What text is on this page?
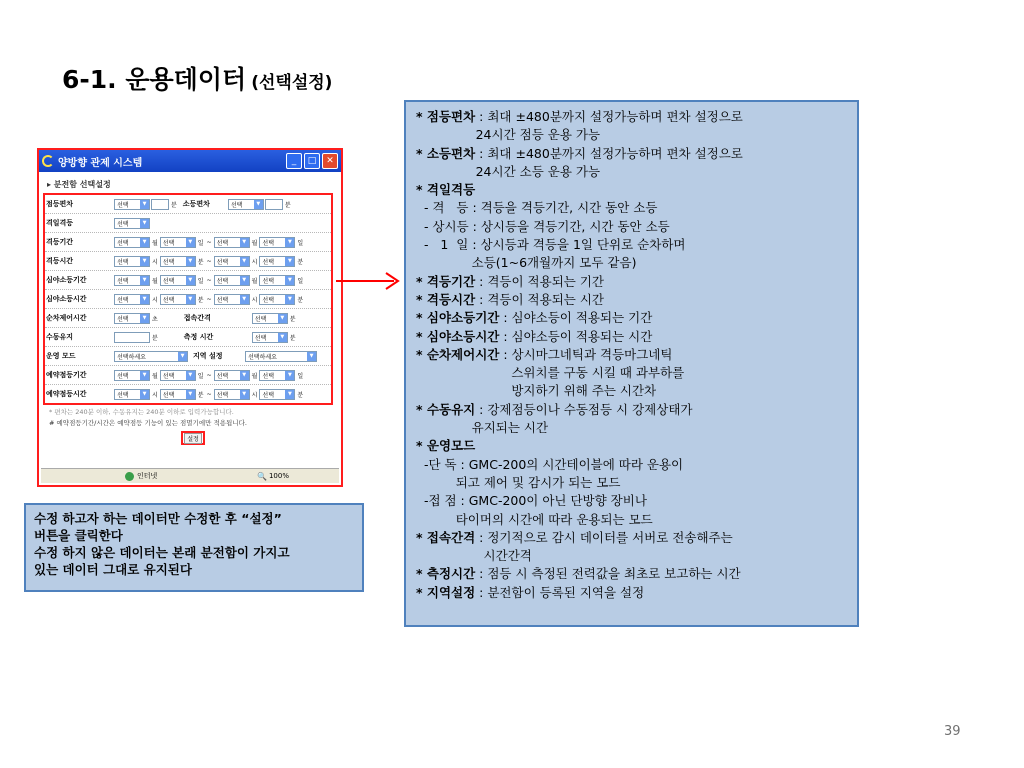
6-1. 운용데이터 (선택설정)
양방향 관제 시스템	_	□	✕
▸ 분전함 선택설정
점등편차	선택	▼	분 소등편차	선택	▼	분
격일격등	선택	▼
격등기간	선택	▼ 월 선택	▼ 일 ~ 선택	▼ 월 선택	▼ 일
격등시간	선택	▼ 시 선택	▼ 분 ~ 선택	▼ 시 선택	▼ 분
심야소등기간	선택	▼ 월 선택	▼ 일 ~ 선택	▼ 월 선택	▼ 일
심야소등시간	선택	▼ 시 선택	▼ 분 ~ 선택	▼ 시 선택	▼ 분
순차제어시간	선택	▼ 초	접속간격	선택	▼ 분
수동유지	분	측정 시간	선택	▼ 분
운영 모드	선택하세요	▼	지역 설정	선택하세요	▼
예약점등기간	선택	▼ 월 선택	▼ 일 ~ 선택	▼ 월 선택	▼ 일
예약점등시간	선택	▼ 시 선택	▼ 분 ~ 선택	▼ 시 선택	▼ 분
* 편차는 240분 이하, 수동유지는 240분 이하로 입력가능합니다.
# 예약점등기간/시간은 예약점등 기능이 있는 점멸기에만 적용됩니다.
설정
인터넷	🔍 100%
수정 하고자 하는 데이터만 수정한 후 “설정”
버튼을 클릭한다
수정 하지 않은 데이터는 본래 분전함이 가지고
있는 데이터 그대로 유지된다
* 점등편차 : 최대 ±480분까지 설정가능하며 편차 설정으로
24시간 점등 운용 가능
* 소등편차 : 최대 ±480분까지 설정가능하며 편차 설정으로
24시간 소등 운용 가능
* 격일격등
- 격   등 : 격등을 격등기간, 시간 동안 소등
- 상시등 : 상시등을 격등기간, 시간 동안 소등
-   1  일 : 상시등과 격등을 1일 단위로 순차하며
소등(1~6개월까지 모두 같음)
* 격등기간 : 격등이 적용되는 기간
* 격등시간 : 격등이 적용되는 시간
* 심야소등기간 : 심야소등이 적용되는 기간
* 심야소등시간 : 심야소등이 적용되는 시간
* 순차제어시간 : 상시마그네틱과 격등마그네틱
스위치를 구동 시킬 때 과부하를
방지하기 위해 주는 시간차
* 수동유지 : 강제점등이나 수동점등 시 강제상태가
유지되는 시간
* 운영모드
-단 독 : GMC-200의 시간테이블에 따라 운용이
되고 제어 및 감시가 되는 모드
-접 점 : GMC-200이 아닌 단방향 장비나
타이머의 시간에 따라 운용되는 모드
* 접속간격 : 정기적으로 감시 데이터를 서버로 전송해주는
시간간격
* 측정시간 : 점등 시 측정된 전력값을 최초로 보고하는 시간
* 지역설정 : 분전함이 등록된 지역을 설정
39
